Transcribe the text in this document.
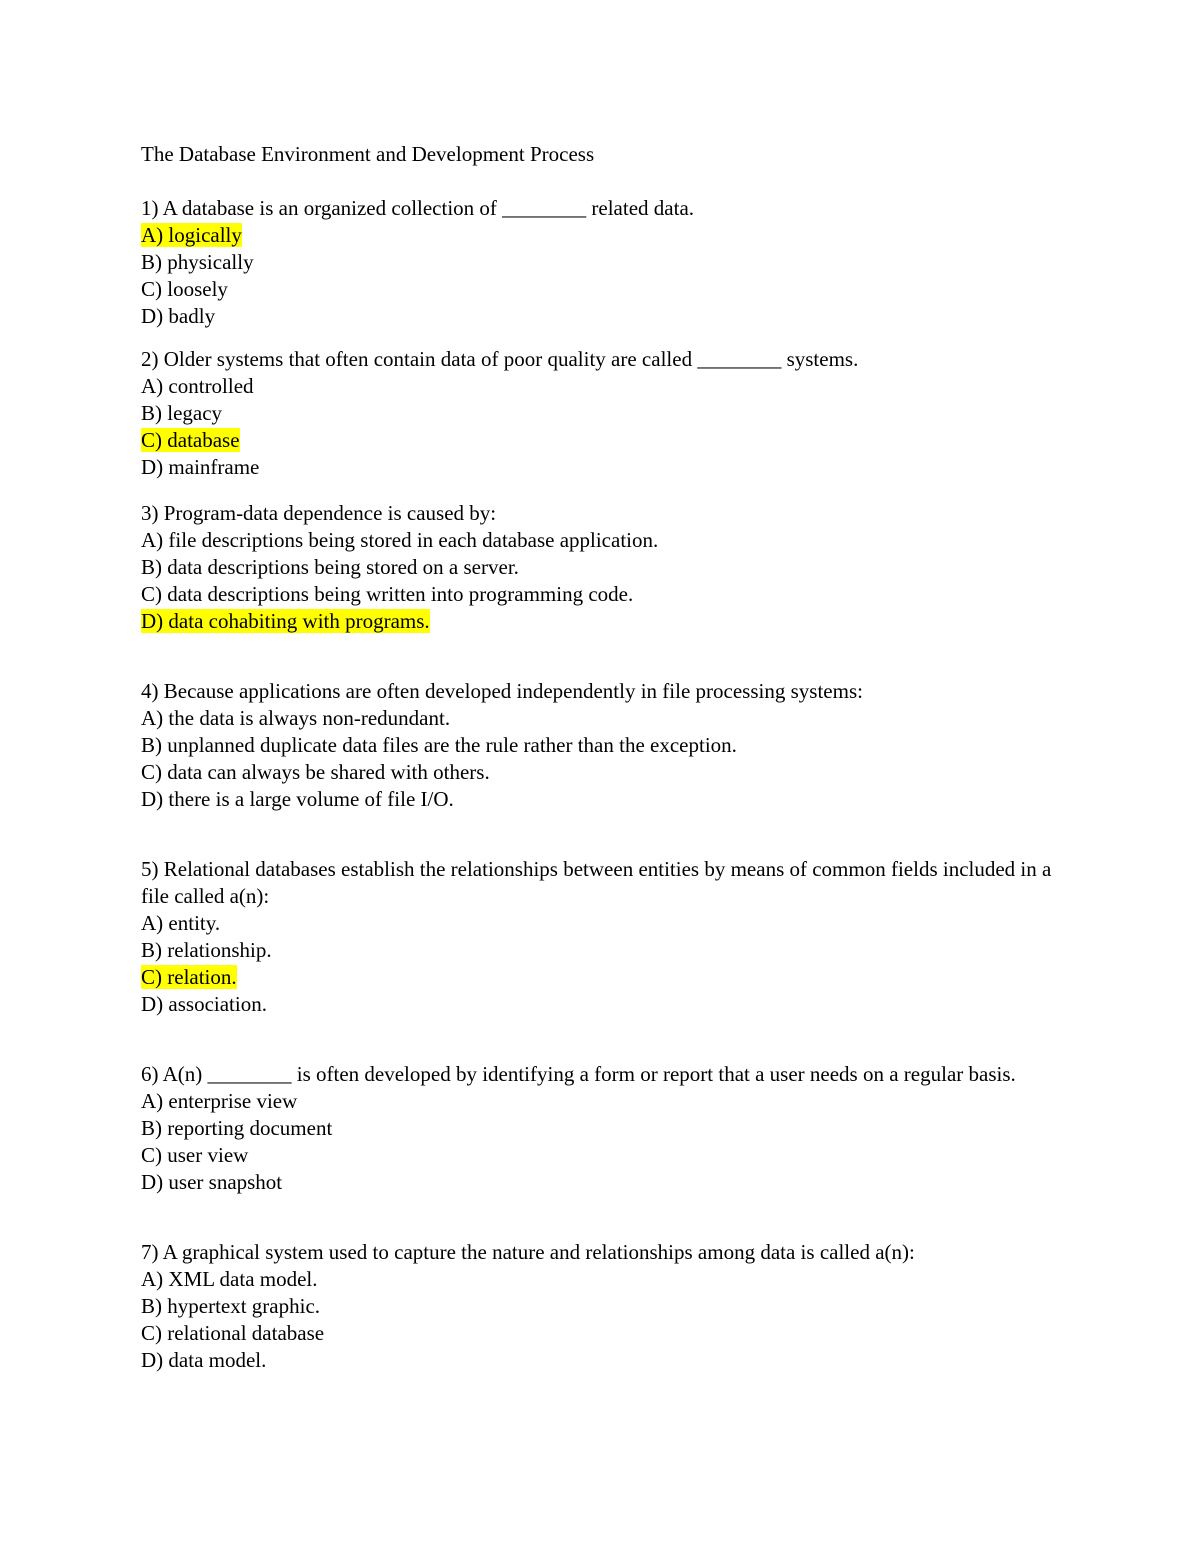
The Database Environment and Development Process
1) A database is an organized collection of ________ related data.
A) logically
B) physically
C) loosely
D) badly
2) Older systems that often contain data of poor quality are called ________ systems.
A) controlled
B) legacy
C) database
D) mainframe
3) Program-data dependence is caused by:
A) file descriptions being stored in each database application.
B) data descriptions being stored on a server.
C) data descriptions being written into programming code.
D) data cohabiting with programs.
4) Because applications are often developed independently in file processing systems:
A) the data is always non-redundant.
B) unplanned duplicate data files are the rule rather than the exception.
C) data can always be shared with others.
D) there is a large volume of file I/O.
5) Relational databases establish the relationships between entities by means of common fields included in a file called a(n):
A) entity.
B) relationship.
C) relation.
D) association.
6) A(n) ________ is often developed by identifying a form or report that a user needs on a regular basis.
A) enterprise view
B) reporting document
C) user view
D) user snapshot
7) A graphical system used to capture the nature and relationships among data is called a(n):
A) XML data model.
B) hypertext graphic.
C) relational database
D) data model.
